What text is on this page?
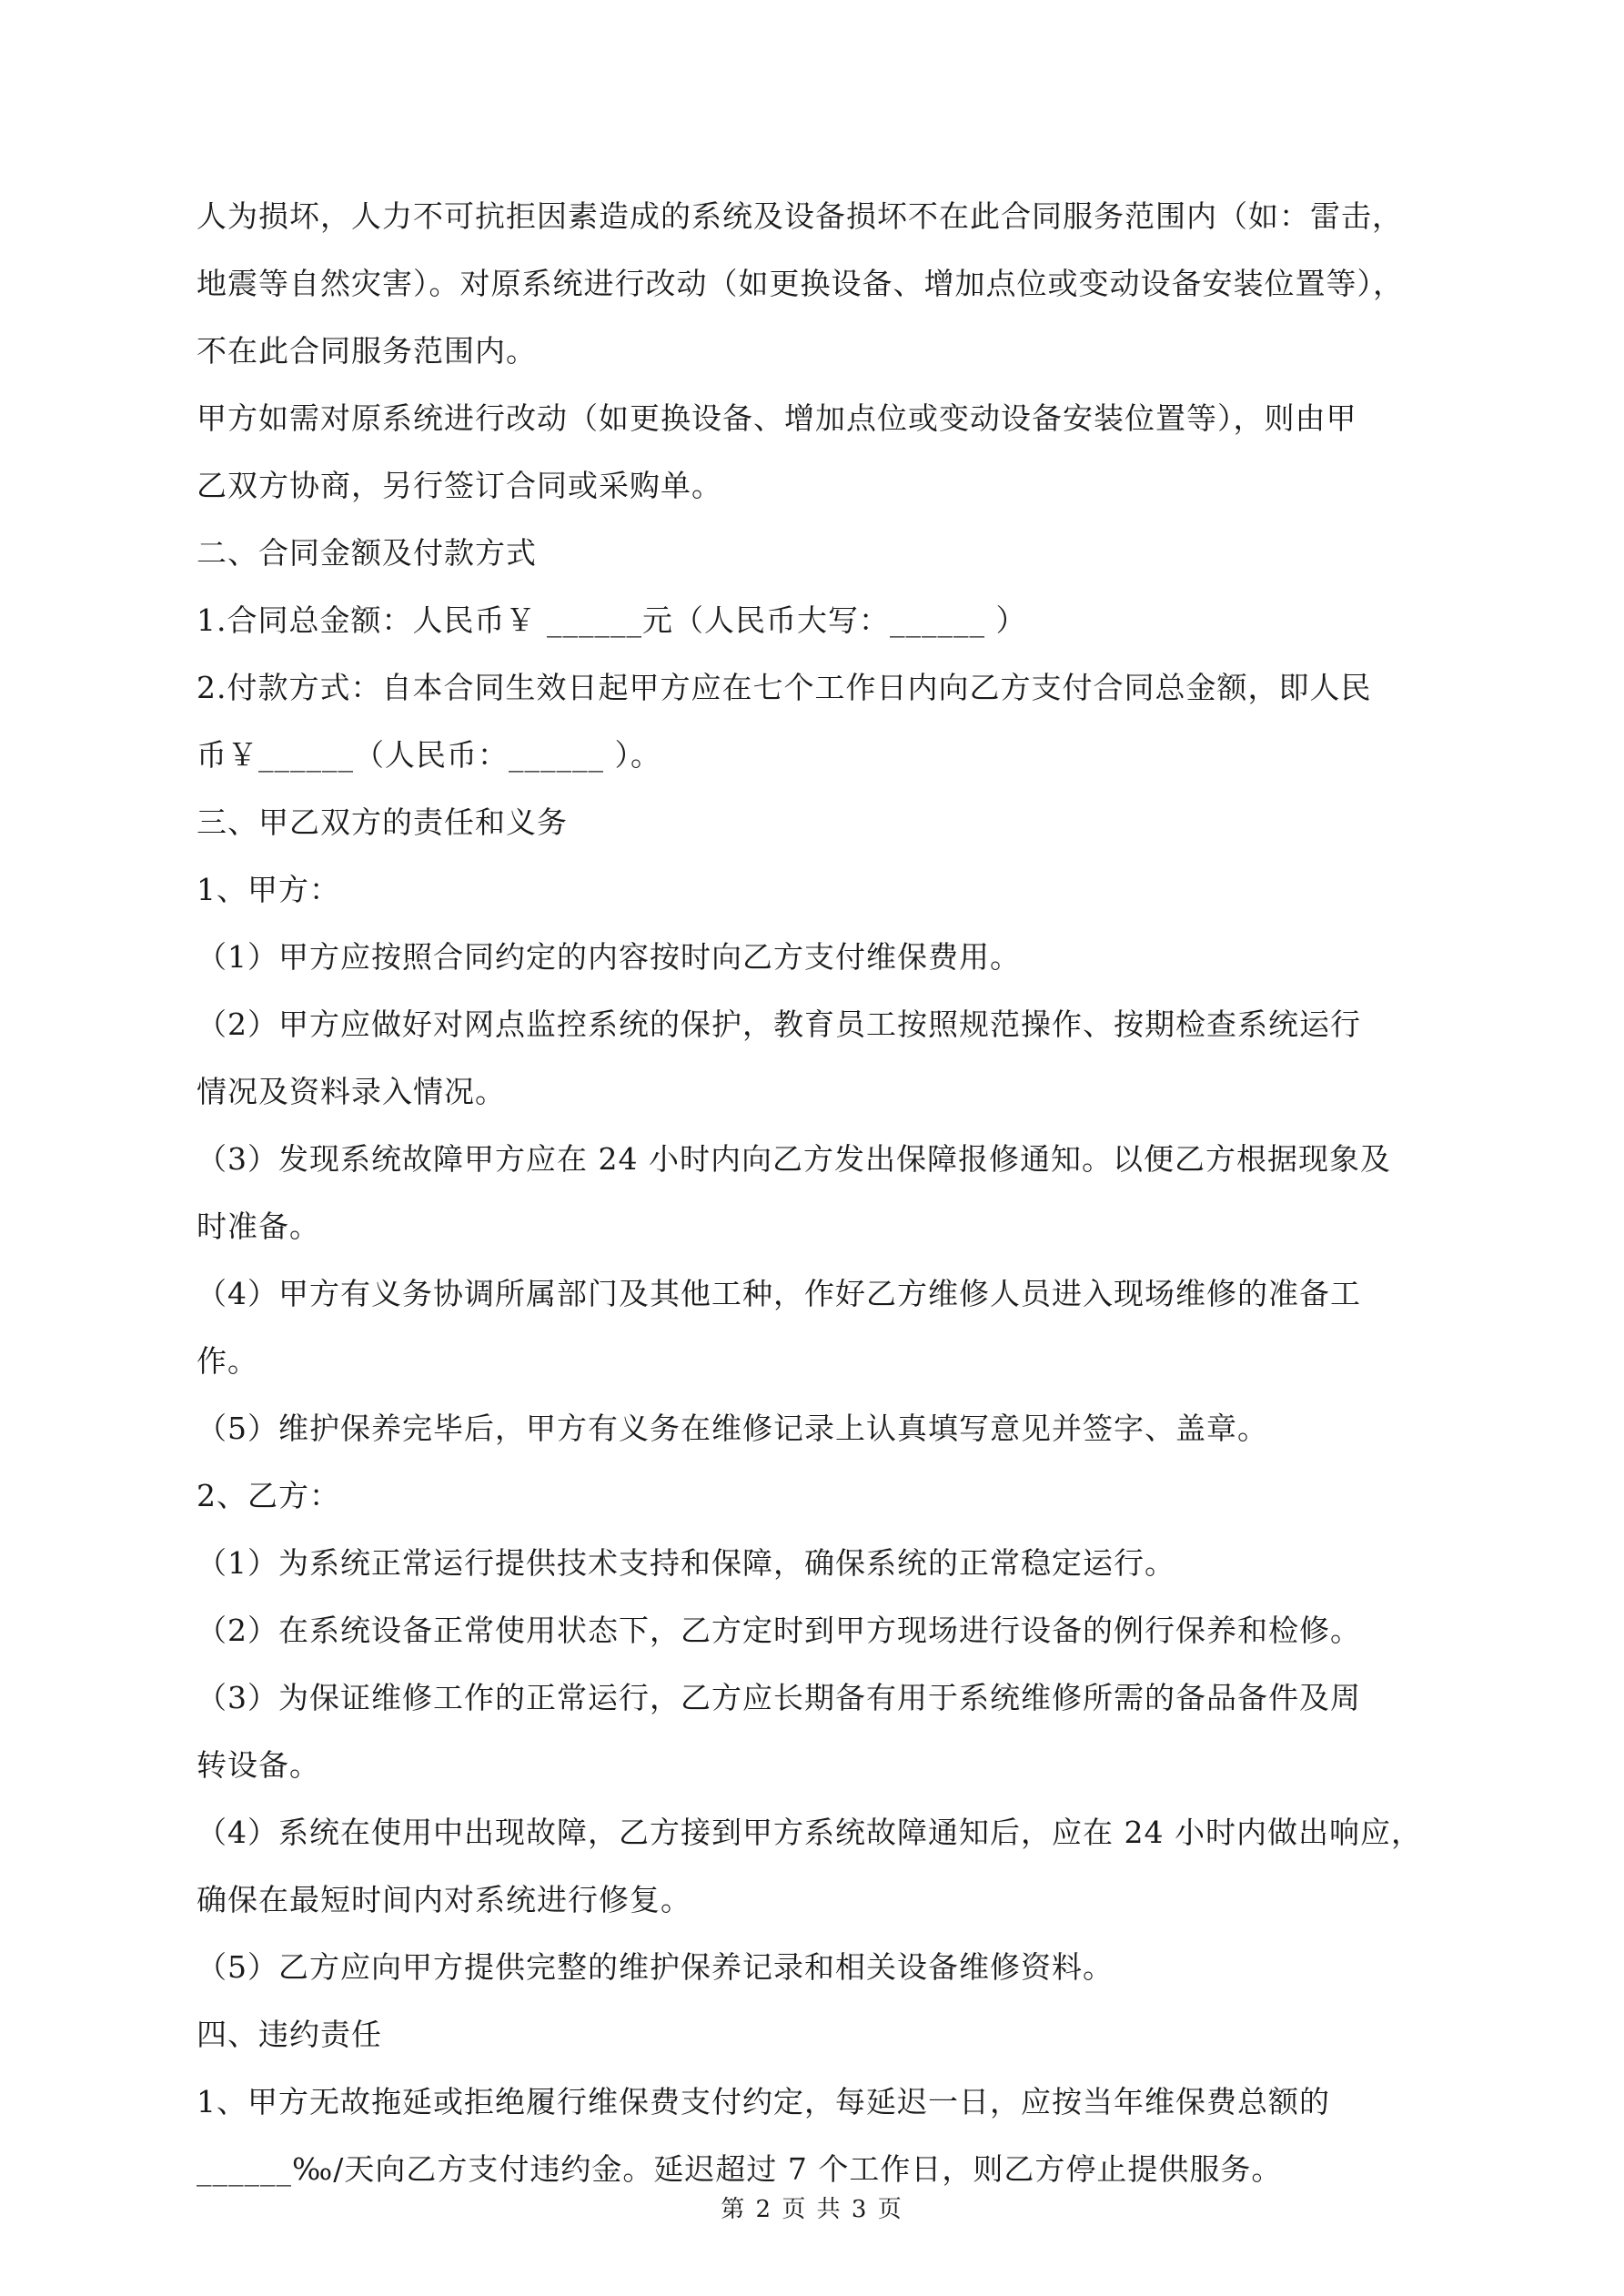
人为损坏，人力不可抗拒因素造成的系统及设备损坏不在此合同服务范围内（如：雷击，
地震等自然灾害）。对原系统进行改动（如更换设备、增加点位或变动设备安装位置等），
不在此合同服务范围内。
甲方如需对原系统进行改动（如更换设备、增加点位或变动设备安装位置等），则由甲
乙双方协商，另行签订合同或采购单。
二、合同金额及付款方式
1.合同总金额：人民币￥ ______元（人民币大写：______ ）
2.付款方式：自本合同生效日起甲方应在七个工作日内向乙方支付合同总金额，即人民
币￥______（人民币：______ ）。
三、甲乙双方的责任和义务
1、甲方：
（1）甲方应按照合同约定的内容按时向乙方支付维保费用。
（2）甲方应做好对网点监控系统的保护，教育员工按照规范操作、按期检查系统运行
情况及资料录入情况。
（3）发现系统故障甲方应在 24 小时内向乙方发出保障报修通知。以便乙方根据现象及
时准备。
（4）甲方有义务协调所属部门及其他工种，作好乙方维修人员进入现场维修的准备工
作。
（5）维护保养完毕后，甲方有义务在维修记录上认真填写意见并签字、盖章。
2、乙方：
（1）为系统正常运行提供技术支持和保障，确保系统的正常稳定运行。
（2）在系统设备正常使用状态下，乙方定时到甲方现场进行设备的例行保养和检修。
（3）为保证维修工作的正常运行，乙方应长期备有用于系统维修所需的备品备件及周
转设备。
（4）系统在使用中出现故障，乙方接到甲方系统故障通知后，应在 24 小时内做出响应，
确保在最短时间内对系统进行修复。
（5）乙方应向甲方提供完整的维护保养记录和相关设备维修资料。
四、违约责任
1、甲方无故拖延或拒绝履行维保费支付约定，每延迟一日，应按当年维保费总额的
______‰/天向乙方支付违约金。延迟超过 7 个工作日，则乙方停止提供服务。
第 2 页 共 3 页
